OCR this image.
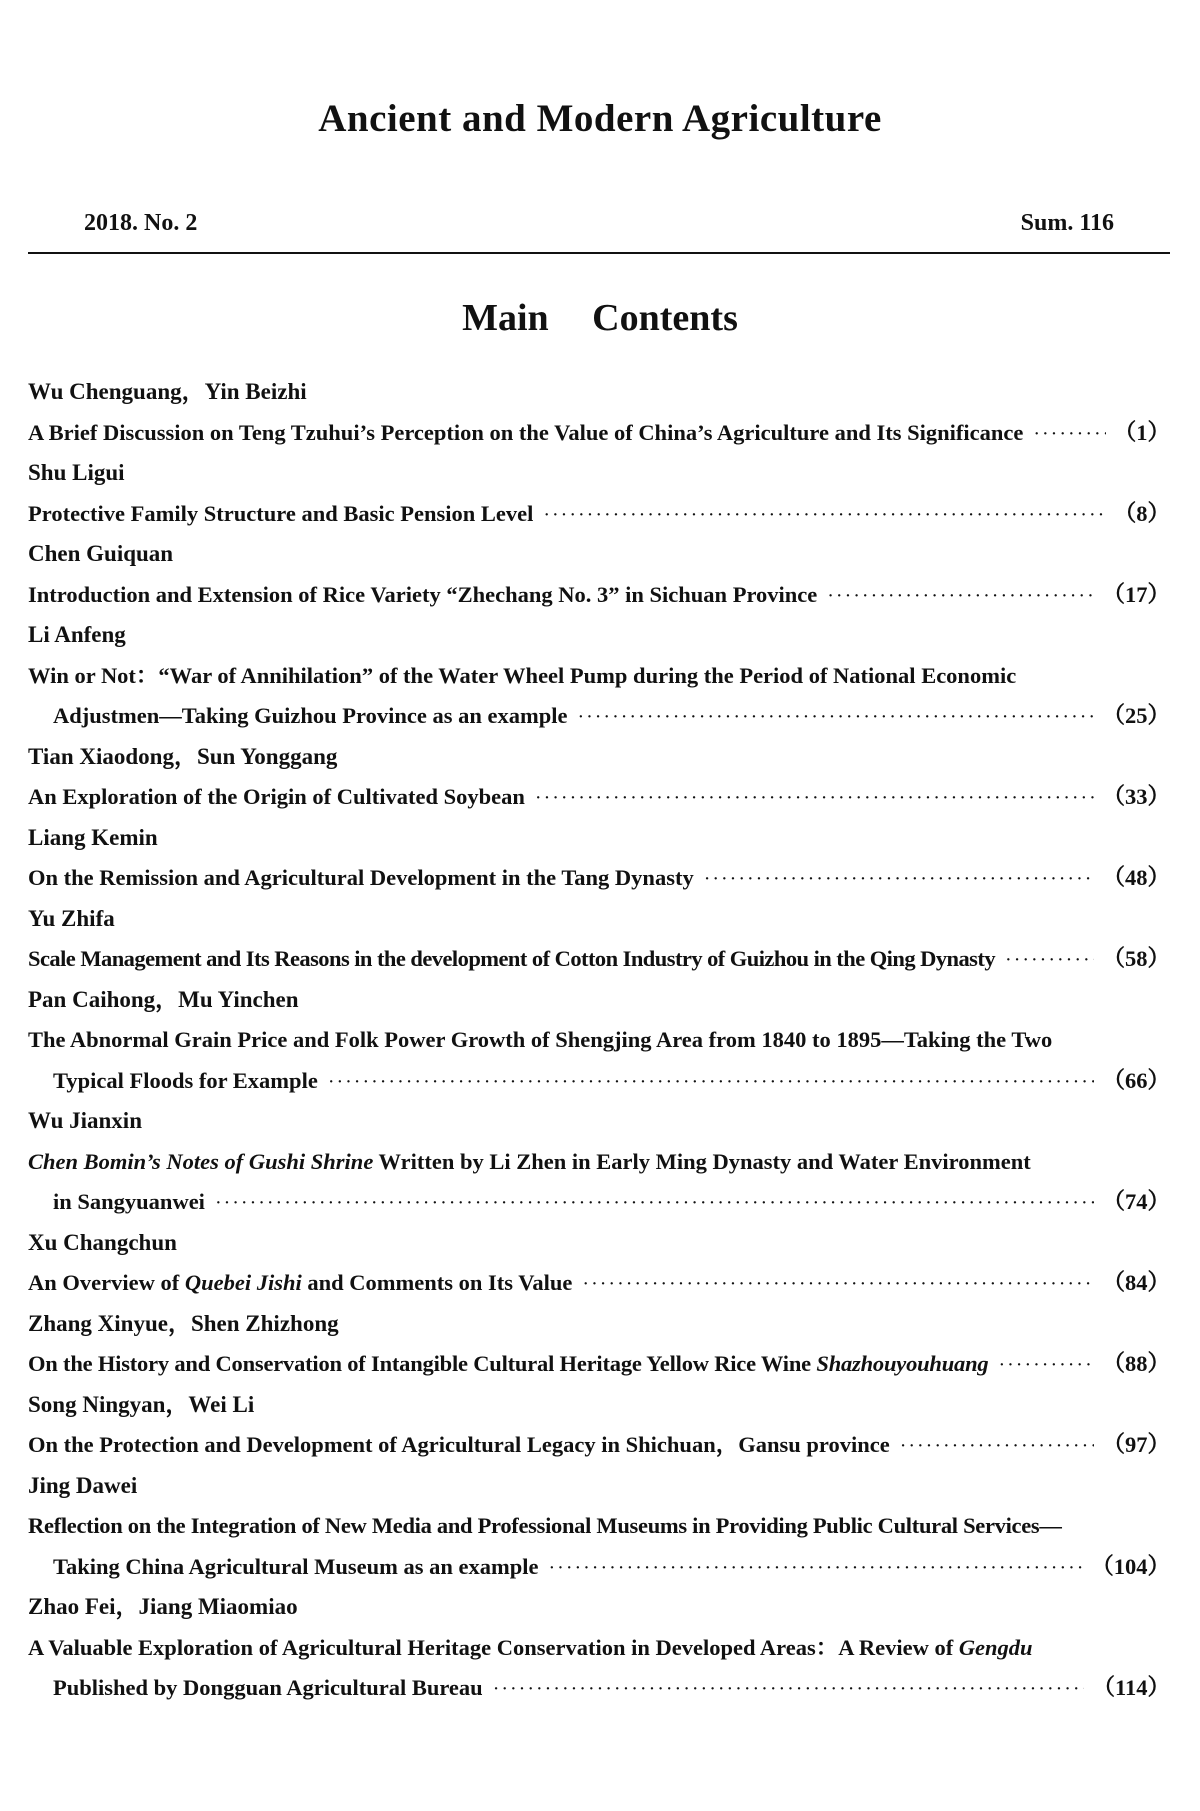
Ancient and Modern Agriculture
2018. No. 2	Sum. 116
Main Contents
Wu Chenguang，Yin Beizhi
A Brief Discussion on Teng Tzuhui’s Perception on the Value of China’s Agriculture and Its Significance ·····	（1）
Shu Ligui
Protective Family Structure and Basic Pension Level ·····	（8）
Chen Guiquan
Introduction and Extension of Rice Variety “Zhechang No. 3” in Sichuan Province ·····	（17）
Li Anfeng
Win or Not：“War of Annihilation” of the Water Wheel Pump during the Period of National Economic
Adjustmen—Taking Guizhou Province as an example ·····	（25）
Tian Xiaodong，Sun Yonggang
An Exploration of the Origin of Cultivated Soybean ·····	（33）
Liang Kemin
On the Remission and Agricultural Development in the Tang Dynasty ·····	（48）
Yu Zhifa
Scale Management and Its Reasons in the development of Cotton Industry of Guizhou in the Qing Dynasty ·····	（58）
Pan Caihong，Mu Yinchen
The Abnormal Grain Price and Folk Power Growth of Shengjing Area from 1840 to 1895—Taking the Two
Typical Floods for Example ·····	（66）
Wu Jianxin
Chen Bomin’s Notes of Gushi Shrine Written by Li Zhen in Early Ming Dynasty and Water Environment
in Sangyuanwei ·····	（74）
Xu Changchun
An Overview of Quebei Jishi and Comments on Its Value ·····	（84）
Zhang Xinyue，Shen Zhizhong
On the History and Conservation of Intangible Cultural Heritage Yellow Rice Wine Shazhouyouhuang ·····	（88）
Song Ningyan，Wei Li
On the Protection and Development of Agricultural Legacy in Shichuan，Gansu province ·····	（97）
Jing Dawei
Reflection on the Integration of New Media and Professional Museums in Providing Public Cultural Services—
Taking China Agricultural Museum as an example ·····	（104）
Zhao Fei，Jiang Miaomiao
A Valuable Exploration of Agricultural Heritage Conservation in Developed Areas：A Review of Gengdu
Published by Dongguan Agricultural Bureau ·····	（114）
